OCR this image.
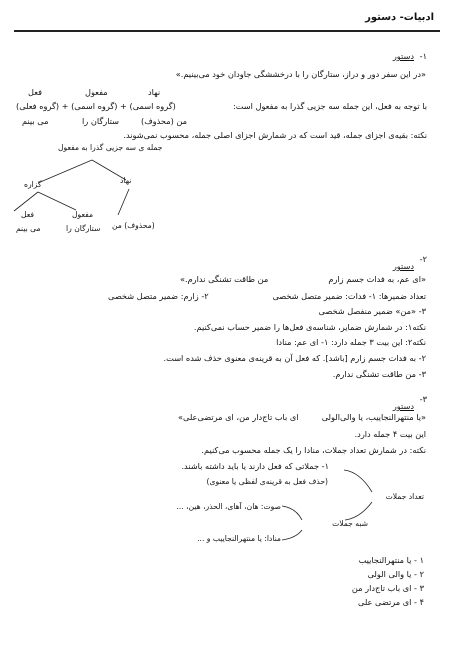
ادبیات- دستور
۱-
دستور
«در این سفر دور و دراز، ستارگان را با درخششگی جاودان خود می‌بینیم.»
نهاد
مفعول
فعل
با توجه به فعل، این جمله سه جزیی گذرا به مفعول است:
(گروه اسمی) + (گروه اسمی) + (گروه فعلی)
من (محذوف)
ستارگان را
می بینم
نکته: بقیه‌ی اجزای جمله، قید است که در شمارش اجزای اصلی جمله، محسوب نمی‌شوند.
جمله ی سه جزیی گذرا به مفعول
گزاره	نهاد
فعل
می بینم
مفعول
ستارگان را (محذوف) من
۲-
دستور
«ای عم، به فدات جسم زارم
من طاقت تشنگی ندارم.»
تعداد ضمیرها: ۱- فدات: ضمیر متصل شخصی
۲- زارم: ضمیر متصل شخصی
۳- «من» ضمیر منفصل شخصی
نکته۱: در شمارش ضمایر، شناسه‌ی فعل‌ها را ضمیر حساب نمی‌کنیم.
نکته۲: این بیت ۳ جمله دارد: ۱- ای عم: منادا
۲- به فدات جسم زارم [باشد]. که فعل آن به قرینه‌ی معنوی حذف شده است.
۳- من طاقت تشنگی ندارم.
۳-
دستور
«یا منتهرالنجاییب، یا والی‌الولی
ای باب تاج‌دار من، ای مرتضی‌علی»
این بیت ۴ جمله دارد.
نکته: در شمارش تعداد جملات، منادا را یک جمله محسوب می‌کنیم.
۱- جملاتی که فعل دارند یا باید داشته باشند.
(حذف فعل به قرینه‌ی لفظی یا معنوی)
تعداد جملات
صوت: هان، آهای، الحذر، هین، ...
شبه جملات
منادا: یا منتهرالنجاییب و ...
۱ - یا منتهرالنجاییب
۲ - یا والی الولی
۳ - ای باب تاج‌دار من
۴ - ای مرتضی علی
